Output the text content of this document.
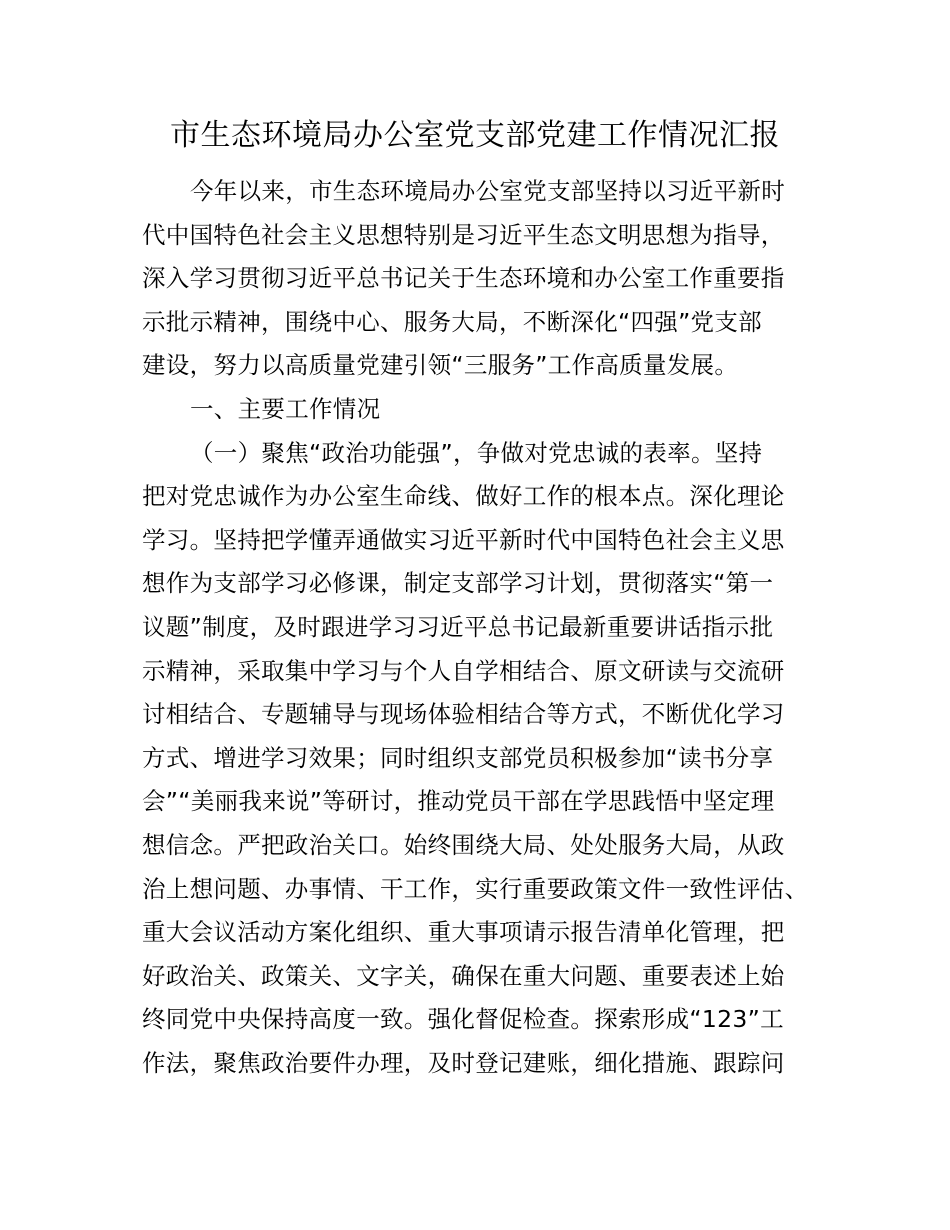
市生态环境局办公室党支部党建工作情况汇报
今年以来，市生态环境局办公室党支部坚持以习近平新时
代中国特色社会主义思想特别是习近平生态文明思想为指导，
深入学习贯彻习近平总书记关于生态环境和办公室工作重要指
示批示精神，围绕中心、服务大局，不断深化“四强”党支部
建设，努力以高质量党建引领“三服务”工作高质量发展。
一、主要工作情况
（一）聚焦“政治功能强”，争做对党忠诚的表率。坚持
把对党忠诚作为办公室生命线、做好工作的根本点。深化理论
学习。坚持把学懂弄通做实习近平新时代中国特色社会主义思
想作为支部学习必修课，制定支部学习计划，贯彻落实“第一
议题”制度，及时跟进学习习近平总书记最新重要讲话指示批
示精神，采取集中学习与个人自学相结合、原文研读与交流研
讨相结合、专题辅导与现场体验相结合等方式，不断优化学习
方式、增进学习效果；同时组织支部党员积极参加“读书分享
会”“美丽我来说”等研讨，推动党员干部在学思践悟中坚定理
想信念。严把政治关口。始终围绕大局、处处服务大局，从政
治上想问题、办事情、干工作，实行重要政策文件一致性评估、
重大会议活动方案化组织、重大事项请示报告清单化管理，把
好政治关、政策关、文字关，确保在重大问题、重要表述上始
终同党中央保持高度一致。强化督促检查。探索形成“123”工
作法，聚焦政治要件办理，及时登记建账，细化措施、跟踪问
